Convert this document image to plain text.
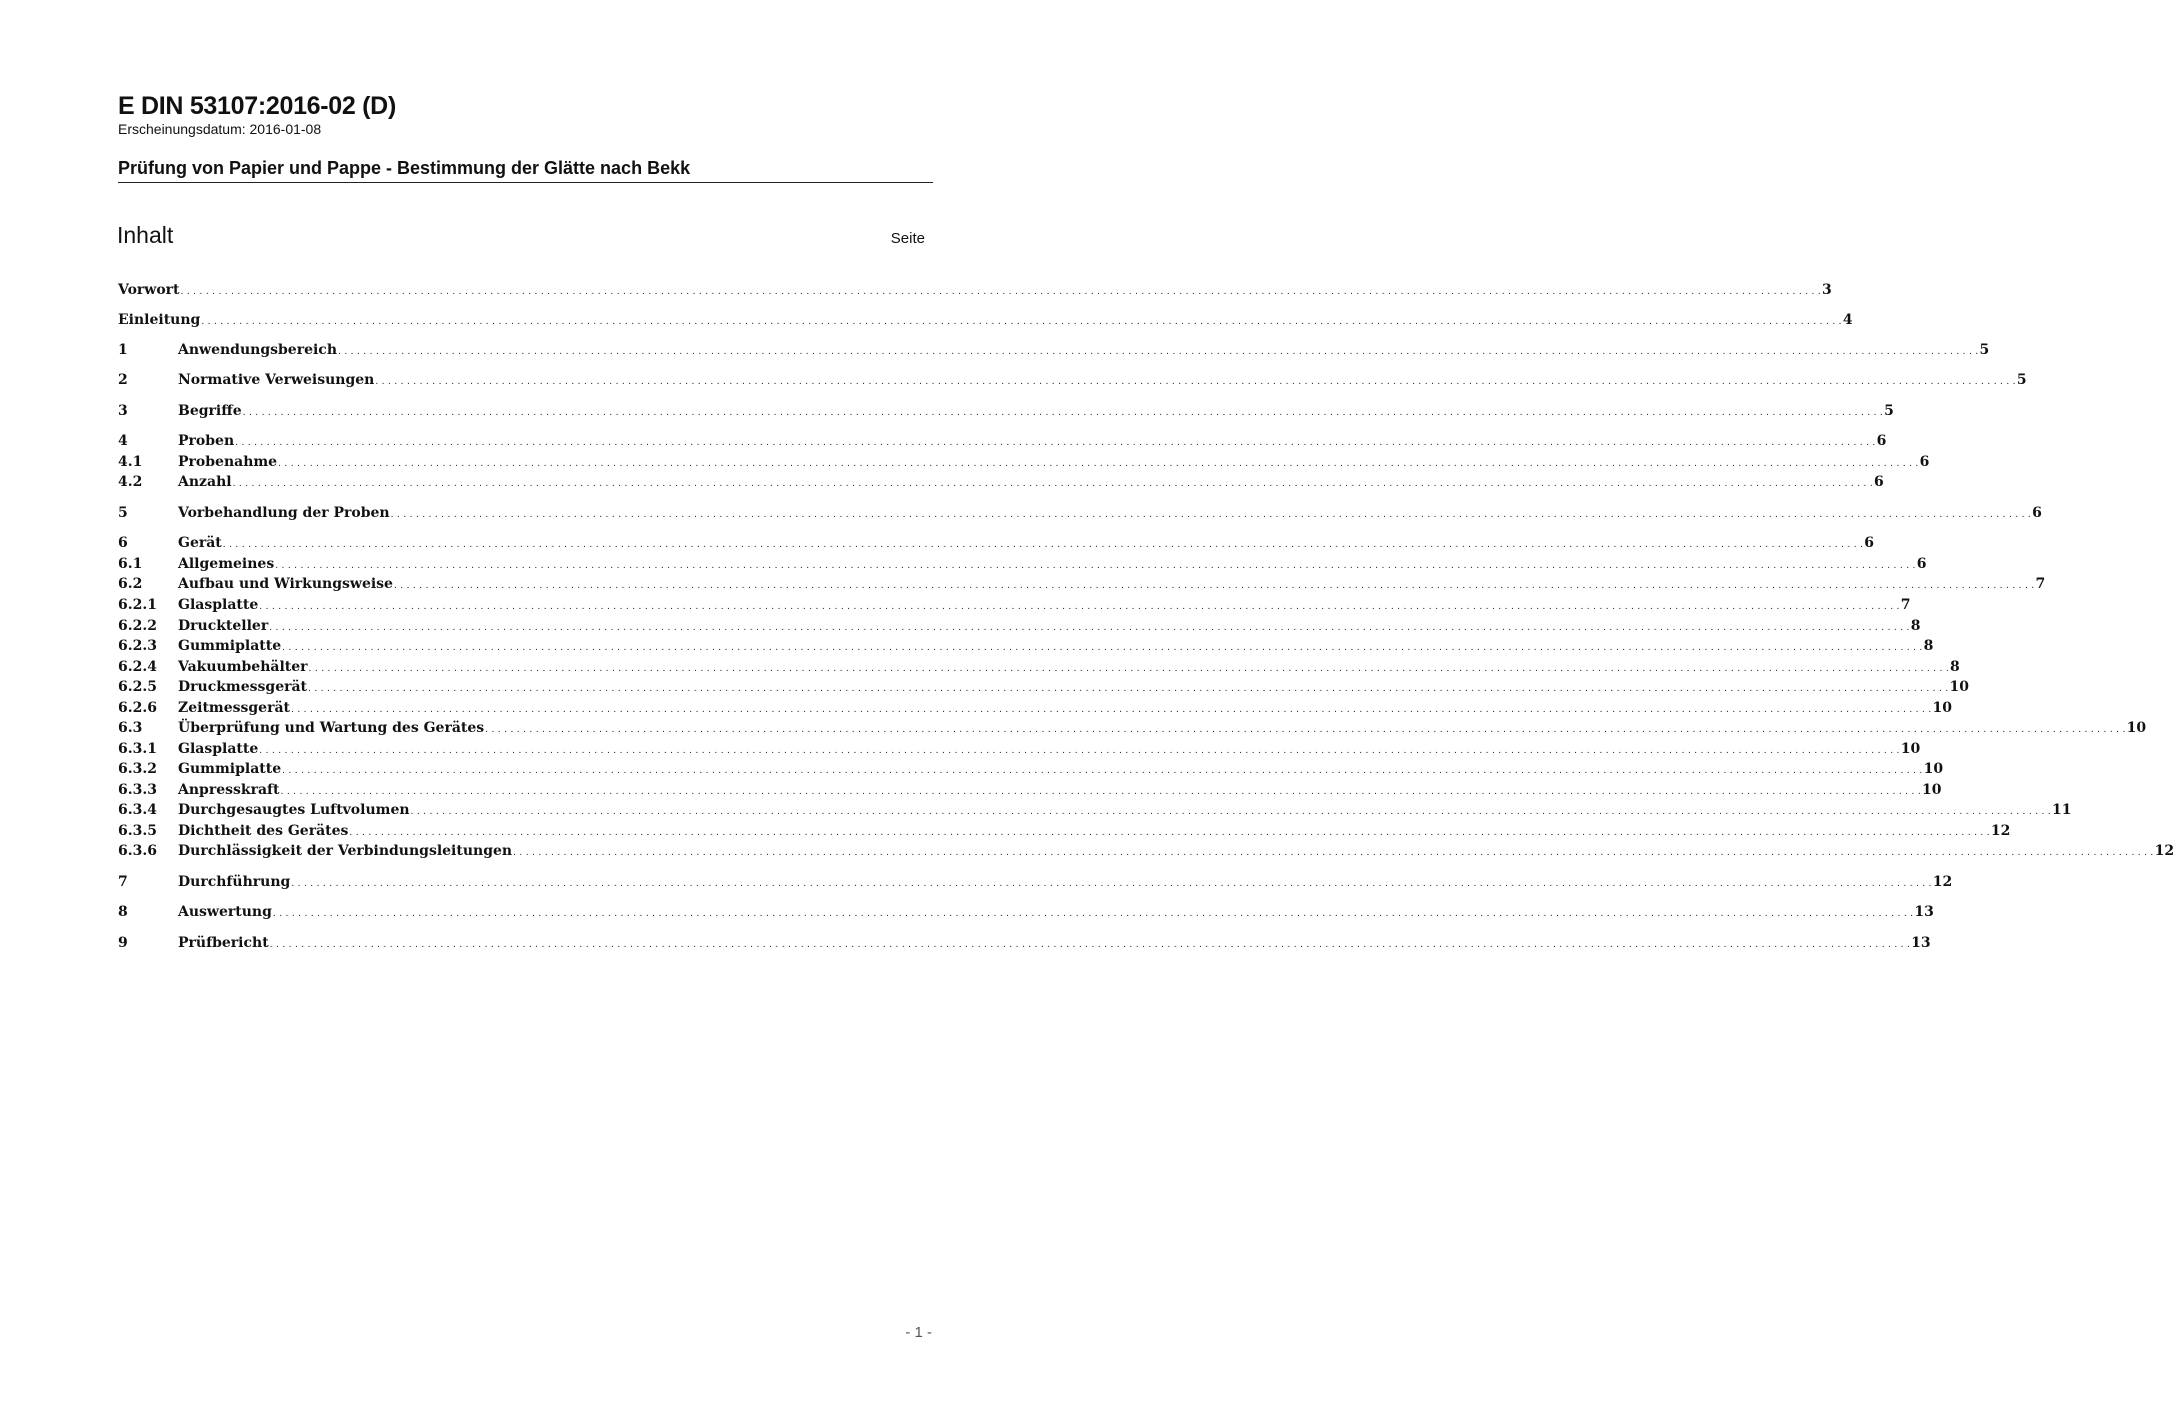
E DIN 53107:2016-02 (D)
Erscheinungsdatum: 2016-01-08
Prüfung von Papier und Pappe - Bestimmung der Glätte nach Bekk
Inhalt	Seite
Vorwort . . . . . . . . . . . . . . . . . . . . . . . . . . . . . . . . . . . . . . . . . . . . . . . . . . . . . . . . . . . . . . . . . . . . . . . . . . . . . . . . . . . . . . . . . . . . . . . . . . . . . . . . . . . . . . . . . . . . . . . . . . . . . . . . . . . . . . . . . . . . . . . . . . . . . . . . . . . . . . . . . . . . . . . . . . . . . . . . . . . . . . . . . . . . . . . . . . . . . . . . . . . . . . . . . . . . . . . . . . . . . . . . . . . . . . . . . . . . . . . . . . . . . . . . . . . . . . . . . . . . 3
Einleitung . . . . . . . . . . . . . . . . . . . . . . . . . . . . . . . . . . . . . . . . . . . . . . . . . . . . . . . . . . . . . . . . . . . . . . . . . . . . . . . . . . . . . . . . . . . . . . . . . . . . . . . . . . . . . . . . . . . . . . . . . . . . . . . . . . . . . . . . . . . . . . . . . . . . . . . . . . . . . . . . . . . . . . . . . . . . . . . . . . . . . . . . . . . . . . . . . . . . . . . . . . . . . . . . . . . . . . . . . . . . . . . . . . . . . . . . . . . . . . . . . . . . . . . . . . . . . . . . . . . . 4
1	Anwendungsbereich . . . . . . . . . . . . . . . . . . . . . . . . . . . . . . . . . . . . . . . . . . . . . . . . . . . . . . . . . . . . . . . . . . . . . . . . . . . . . . . . . . . . . . . . . . . . . . . . . . . . . . . . . . . . . . . . . . . . . . . . . . . . . . . . . . . . . . . . . . . . . . . . . . . . . . . . . . . . . . . . . . . . . . . . . . . . . . . . . . . . . . . . . . . . . . . . . . . . . . . . . . . . . . . . . . . . . . . . . . . . . . . . . . . . . . . . . . . . . . . . . . . . . . . . . . . . . . . . . . . . 5
2	Normative Verweisungen . . . . . . . . . . . . . . . . . . . . . . . . . . . . . . . . . . . . . . . . . . . . . . . . . . . . . . . . . . . . . . . . . . . . . . . . . . . . . . . . . . . . . . . . . . . . . . . . . . . . . . . . . . . . . . . . . . . . . . . . . . . . . . . . . . . . . . . . . . . . . . . . . . . . . . . . . . . . . . . . . . . . . . . . . . . . . . . . . . . . . . . . . . . . . . . . . . . . . . . . . . . . . . . . . . . . . . . . . . . . . . . . . . . . . . . . . . . . . . . . . . . . . . . . . . . . . . . . . . . . 5
3	Begriffe . . . . . . . . . . . . . . . . . . . . . . . . . . . . . . . . . . . . . . . . . . . . . . . . . . . . . . . . . . . . . . . . . . . . . . . . . . . . . . . . . . . . . . . . . . . . . . . . . . . . . . . . . . . . . . . . . . . . . . . . . . . . . . . . . . . . . . . . . . . . . . . . . . . . . . . . . . . . . . . . . . . . . . . . . . . . . . . . . . . . . . . . . . . . . . . . . . . . . . . . . . . . . . . . . . . . . . . . . . . . . . . . . . . . . . . . . . . . . . . . . . . . . . . . . . . . . . . . . . . . 5
4	Proben . . . . . . . . . . . . . . . . . . . . . . . . . . . . . . . . . . . . . . . . . . . . . . . . . . . . . . . . . . . . . . . . . . . . . . . . . . . . . . . . . . . . . . . . . . . . . . . . . . . . . . . . . . . . . . . . . . . . . . . . . . . . . . . . . . . . . . . . . . . . . . . . . . . . . . . . . . . . . . . . . . . . . . . . . . . . . . . . . . . . . . . . . . . . . . . . . . . . . . . . . . . . . . . . . . . . . . . . . . . . . . . . . . . . . . . . . . . . . . . . . . . . . . . . . . . . . . . . . . . . 6
4.1	Probenahme . . . . . . . . . . . . . . . . . . . . . . . . . . . . . . . . . . . . . . . . . . . . . . . . . . . . . . . . . . . . . . . . . . . . . . . . . . . . . . . . . . . . . . . . . . . . . . . . . . . . . . . . . . . . . . . . . . . . . . . . . . . . . . . . . . . . . . . . . . . . . . . . . . . . . . . . . . . . . . . . . . . . . . . . . . . . . . . . . . . . . . . . . . . . . . . . . . . . . . . . . . . . . . . . . . . . . . . . . . . . . . . . . . . . . . . . . . . . . . . . . . . . . . . . . . . . . . . . . . . . 6
4.2	Anzahl . . . . . . . . . . . . . . . . . . . . . . . . . . . . . . . . . . . . . . . . . . . . . . . . . . . . . . . . . . . . . . . . . . . . . . . . . . . . . . . . . . . . . . . . . . . . . . . . . . . . . . . . . . . . . . . . . . . . . . . . . . . . . . . . . . . . . . . . . . . . . . . . . . . . . . . . . . . . . . . . . . . . . . . . . . . . . . . . . . . . . . . . . . . . . . . . . . . . . . . . . . . . . . . . . . . . . . . . . . . . . . . . . . . . . . . . . . . . . . . . . . . . . . . . . . . . . . . . . . . . 6
5	Vorbehandlung der Proben . . . . . . . . . . . . . . . . . . . . . . . . . . . . . . . . . . . . . . . . . . . . . . . . . . . . . . . . . . . . . . . . . . . . . . . . . . . . . . . . . . . . . . . . . . . . . . . . . . . . . . . . . . . . . . . . . . . . . . . . . . . . . . . . . . . . . . . . . . . . . . . . . . . . . . . . . . . . . . . . . . . . . . . . . . . . . . . . . . . . . . . . . . . . . . . . . . . . . . . . . . . . . . . . . . . . . . . . . . . . . . . . . . . . . . . . . . . . . . . . . . . . . . . . . . . . . . . . . . . . 6
6	Gerät . . . . . . . . . . . . . . . . . . . . . . . . . . . . . . . . . . . . . . . . . . . . . . . . . . . . . . . . . . . . . . . . . . . . . . . . . . . . . . . . . . . . . . . . . . . . . . . . . . . . . . . . . . . . . . . . . . . . . . . . . . . . . . . . . . . . . . . . . . . . . . . . . . . . . . . . . . . . . . . . . . . . . . . . . . . . . . . . . . . . . . . . . . . . . . . . . . . . . . . . . . . . . . . . . . . . . . . . . . . . . . . . . . . . . . . . . . . . . . . . . . . . . . . . . . . . . . . . . . . . 6
6.1	Allgemeines . . . . . . . . . . . . . . . . . . . . . . . . . . . . . . . . . . . . . . . . . . . . . . . . . . . . . . . . . . . . . . . . . . . . . . . . . . . . . . . . . . . . . . . . . . . . . . . . . . . . . . . . . . . . . . . . . . . . . . . . . . . . . . . . . . . . . . . . . . . . . . . . . . . . . . . . . . . . . . . . . . . . . . . . . . . . . . . . . . . . . . . . . . . . . . . . . . . . . . . . . . . . . . . . . . . . . . . . . . . . . . . . . . . . . . . . . . . . . . . . . . . . . . . . . . . . . . . . . . . . 6
6.2	Aufbau und Wirkungsweise . . . . . . . . . . . . . . . . . . . . . . . . . . . . . . . . . . . . . . . . . . . . . . . . . . . . . . . . . . . . . . . . . . . . . . . . . . . . . . . . . . . . . . . . . . . . . . . . . . . . . . . . . . . . . . . . . . . . . . . . . . . . . . . . . . . . . . . . . . . . . . . . . . . . . . . . . . . . . . . . . . . . . . . . . . . . . . . . . . . . . . . . . . . . . . . . . . . . . . . . . . . . . . . . . . . . . . . . . . . . . . . . . . . . . . . . . . . . . . . . . . . . . . . . . . . . . . . . . . . . 7
6.2.1	Glasplatte . . . . . . . . . . . . . . . . . . . . . . . . . . . . . . . . . . . . . . . . . . . . . . . . . . . . . . . . . . . . . . . . . . . . . . . . . . . . . . . . . . . . . . . . . . . . . . . . . . . . . . . . . . . . . . . . . . . . . . . . . . . . . . . . . . . . . . . . . . . . . . . . . . . . . . . . . . . . . . . . . . . . . . . . . . . . . . . . . . . . . . . . . . . . . . . . . . . . . . . . . . . . . . . . . . . . . . . . . . . . . . . . . . . . . . . . . . . . . . . . . . . . . . . . . . . . . . . . . . . . 7
6.2.2	Druckteller . . . . . . . . . . . . . . . . . . . . . . . . . . . . . . . . . . . . . . . . . . . . . . . . . . . . . . . . . . . . . . . . . . . . . . . . . . . . . . . . . . . . . . . . . . . . . . . . . . . . . . . . . . . . . . . . . . . . . . . . . . . . . . . . . . . . . . . . . . . . . . . . . . . . . . . . . . . . . . . . . . . . . . . . . . . . . . . . . . . . . . . . . . . . . . . . . . . . . . . . . . . . . . . . . . . . . . . . . . . . . . . . . . . . . . . . . . . . . . . . . . . . . . . . . . . . . . . . . . . . 8
6.2.3	Gummiplatte . . . . . . . . . . . . . . . . . . . . . . . . . . . . . . . . . . . . . . . . . . . . . . . . . . . . . . . . . . . . . . . . . . . . . . . . . . . . . . . . . . . . . . . . . . . . . . . . . . . . . . . . . . . . . . . . . . . . . . . . . . . . . . . . . . . . . . . . . . . . . . . . . . . . . . . . . . . . . . . . . . . . . . . . . . . . . . . . . . . . . . . . . . . . . . . . . . . . . . . . . . . . . . . . . . . . . . . . . . . . . . . . . . . . . . . . . . . . . . . . . . . . . . . . . . . . . . . . . . . . 8
6.2.4	Vakuumbehälter . . . . . . . . . . . . . . . . . . . . . . . . . . . . . . . . . . . . . . . . . . . . . . . . . . . . . . . . . . . . . . . . . . . . . . . . . . . . . . . . . . . . . . . . . . . . . . . . . . . . . . . . . . . . . . . . . . . . . . . . . . . . . . . . . . . . . . . . . . . . . . . . . . . . . . . . . . . . . . . . . . . . . . . . . . . . . . . . . . . . . . . . . . . . . . . . . . . . . . . . . . . . . . . . . . . . . . . . . . . . . . . . . . . . . . . . . . . . . . . . . . . . . . . . . . . . . . . . . . . . 8
6.2.5	Druckmessgerät . . . . . . . . . . . . . . . . . . . . . . . . . . . . . . . . . . . . . . . . . . . . . . . . . . . . . . . . . . . . . . . . . . . . . . . . . . . . . . . . . . . . . . . . . . . . . . . . . . . . . . . . . . . . . . . . . . . . . . . . . . . . . . . . . . . . . . . . . . . . . . . . . . . . . . . . . . . . . . . . . . . . . . . . . . . . . . . . . . . . . . . . . . . . . . . . . . . . . . . . . . . . . . . . . . . . . . . . . . . . . . . . . . . . . . . . . . . . . . . . . . . . . . . . . . . . . . . . . . . . 10
6.2.6	Zeitmessgerät . . . . . . . . . . . . . . . . . . . . . . . . . . . . . . . . . . . . . . . . . . . . . . . . . . . . . . . . . . . . . . . . . . . . . . . . . . . . . . . . . . . . . . . . . . . . . . . . . . . . . . . . . . . . . . . . . . . . . . . . . . . . . . . . . . . . . . . . . . . . . . . . . . . . . . . . . . . . . . . . . . . . . . . . . . . . . . . . . . . . . . . . . . . . . . . . . . . . . . . . . . . . . . . . . . . . . . . . . . . . . . . . . . . . . . . . . . . . . . . . . . . . . . . . . . . . . . . . . . . . 10
6.3	Überprüfung und Wartung des Gerätes . . . . . . . . . . . . . . . . . . . . . . . . . . . . . . . . . . . . . . . . . . . . . . . . . . . . . . . . . . . . . . . . . . . . . . . . . . . . . . . . . . . . . . . . . . . . . . . . . . . . . . . . . . . . . . . . . . . . . . . . . . . . . . . . . . . . . . . . . . . . . . . . . . . . . . . . . . . . . . . . . . . . . . . . . . . . . . . . . . . . . . . . . . . . . . . . . . . . . . . . . . . . . . . . . . . . . . . . . . . . . . . . . . . . . . . . . . . . . . . . . . . . . . . . . . . . . . . . . . . . 10
6.3.1	Glasplatte . . . . . . . . . . . . . . . . . . . . . . . . . . . . . . . . . . . . . . . . . . . . . . . . . . . . . . . . . . . . . . . . . . . . . . . . . . . . . . . . . . . . . . . . . . . . . . . . . . . . . . . . . . . . . . . . . . . . . . . . . . . . . . . . . . . . . . . . . . . . . . . . . . . . . . . . . . . . . . . . . . . . . . . . . . . . . . . . . . . . . . . . . . . . . . . . . . . . . . . . . . . . . . . . . . . . . . . . . . . . . . . . . . . . . . . . . . . . . . . . . . . . . . . . . . . . . . . . . . . . 10
6.3.2	Gummiplatte . . . . . . . . . . . . . . . . . . . . . . . . . . . . . . . . . . . . . . . . . . . . . . . . . . . . . . . . . . . . . . . . . . . . . . . . . . . . . . . . . . . . . . . . . . . . . . . . . . . . . . . . . . . . . . . . . . . . . . . . . . . . . . . . . . . . . . . . . . . . . . . . . . . . . . . . . . . . . . . . . . . . . . . . . . . . . . . . . . . . . . . . . . . . . . . . . . . . . . . . . . . . . . . . . . . . . . . . . . . . . . . . . . . . . . . . . . . . . . . . . . . . . . . . . . . . . . . . . . . . 10
6.3.3	Anpresskraft . . . . . . . . . . . . . . . . . . . . . . . . . . . . . . . . . . . . . . . . . . . . . . . . . . . . . . . . . . . . . . . . . . . . . . . . . . . . . . . . . . . . . . . . . . . . . . . . . . . . . . . . . . . . . . . . . . . . . . . . . . . . . . . . . . . . . . . . . . . . . . . . . . . . . . . . . . . . . . . . . . . . . . . . . . . . . . . . . . . . . . . . . . . . . . . . . . . . . . . . . . . . . . . . . . . . . . . . . . . . . . . . . . . . . . . . . . . . . . . . . . . . . . . . . . . . . . . . . . . . 10
6.3.4	Durchgesaugtes Luftvolumen . . . . . . . . . . . . . . . . . . . . . . . . . . . . . . . . . . . . . . . . . . . . . . . . . . . . . . . . . . . . . . . . . . . . . . . . . . . . . . . . . . . . . . . . . . . . . . . . . . . . . . . . . . . . . . . . . . . . . . . . . . . . . . . . . . . . . . . . . . . . . . . . . . . . . . . . . . . . . . . . . . . . . . . . . . . . . . . . . . . . . . . . . . . . . . . . . . . . . . . . . . . . . . . . . . . . . . . . . . . . . . . . . . . . . . . . . . . . . . . . . . . . . . . . . . . . . . . . . . . . 11
6.3.5	Dichtheit des Gerätes . . . . . . . . . . . . . . . . . . . . . . . . . . . . . . . . . . . . . . . . . . . . . . . . . . . . . . . . . . . . . . . . . . . . . . . . . . . . . . . . . . . . . . . . . . . . . . . . . . . . . . . . . . . . . . . . . . . . . . . . . . . . . . . . . . . . . . . . . . . . . . . . . . . . . . . . . . . . . . . . . . . . . . . . . . . . . . . . . . . . . . . . . . . . . . . . . . . . . . . . . . . . . . . . . . . . . . . . . . . . . . . . . . . . . . . . . . . . . . . . . . . . . . . . . . . . . . . . . . . . 12
6.3.6	Durchlässigkeit der Verbindungsleitungen . . . . . . . . . . . . . . . . . . . . . . . . . . . . . . . . . . . . . . . . . . . . . . . . . . . . . . . . . . . . . . . . . . . . . . . . . . . . . . . . . . . . . . . . . . . . . . . . . . . . . . . . . . . . . . . . . . . . . . . . . . . . . . . . . . . . . . . . . . . . . . . . . . . . . . . . . . . . . . . . . . . . . . . . . . . . . . . . . . . . . . . . . . . . . . . . . . . . . . . . . . . . . . . . . . . . . . . . . . . . . . . . . . . . . . . . . . . . . . . . . . . . . . . . . . . . . . . . . . . . 12
7	Durchführung . . . . . . . . . . . . . . . . . . . . . . . . . . . . . . . . . . . . . . . . . . . . . . . . . . . . . . . . . . . . . . . . . . . . . . . . . . . . . . . . . . . . . . . . . . . . . . . . . . . . . . . . . . . . . . . . . . . . . . . . . . . . . . . . . . . . . . . . . . . . . . . . . . . . . . . . . . . . . . . . . . . . . . . . . . . . . . . . . . . . . . . . . . . . . . . . . . . . . . . . . . . . . . . . . . . . . . . . . . . . . . . . . . . . . . . . . . . . . . . . . . . . . . . . . . . . . . . . . . . . 12
8	Auswertung . . . . . . . . . . . . . . . . . . . . . . . . . . . . . . . . . . . . . . . . . . . . . . . . . . . . . . . . . . . . . . . . . . . . . . . . . . . . . . . . . . . . . . . . . . . . . . . . . . . . . . . . . . . . . . . . . . . . . . . . . . . . . . . . . . . . . . . . . . . . . . . . . . . . . . . . . . . . . . . . . . . . . . . . . . . . . . . . . . . . . . . . . . . . . . . . . . . . . . . . . . . . . . . . . . . . . . . . . . . . . . . . . . . . . . . . . . . . . . . . . . . . . . . . . . . . . . . . . . . . 13
9	Prüfbericht . . . . . . . . . . . . . . . . . . . . . . . . . . . . . . . . . . . . . . . . . . . . . . . . . . . . . . . . . . . . . . . . . . . . . . . . . . . . . . . . . . . . . . . . . . . . . . . . . . . . . . . . . . . . . . . . . . . . . . . . . . . . . . . . . . . . . . . . . . . . . . . . . . . . . . . . . . . . . . . . . . . . . . . . . . . . . . . . . . . . . . . . . . . . . . . . . . . . . . . . . . . . . . . . . . . . . . . . . . . . . . . . . . . . . . . . . . . . . . . . . . . . . . . . . . . . . . . . . . . . 13
- 1 -
